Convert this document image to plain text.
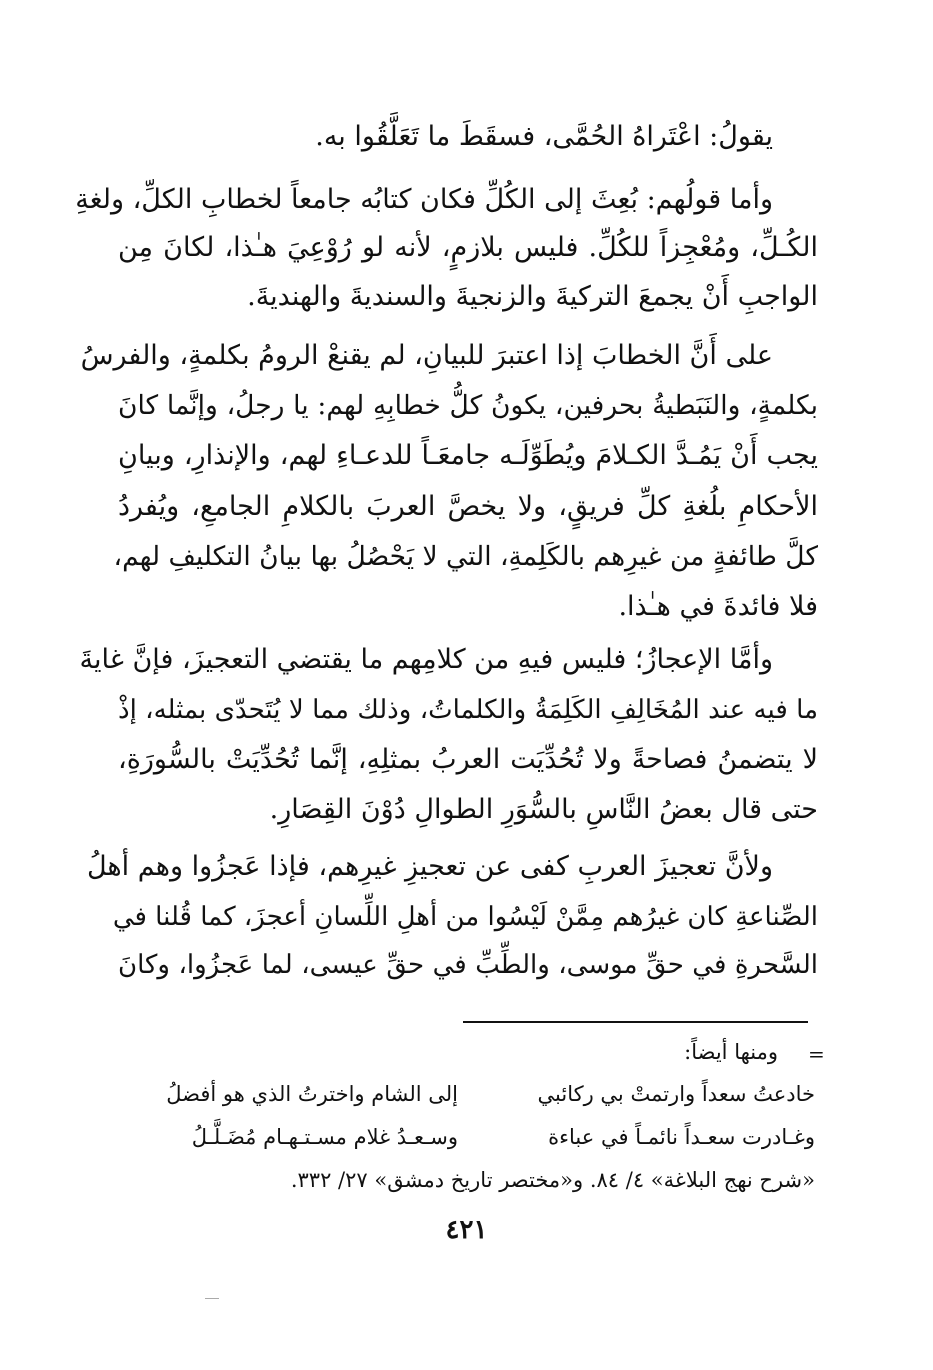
يقولُ: اعْتَراهُ الحُمَّى، فسقَطَ ما تَعَلَّقُوا به.
وأما قولُهم: بُعِثَ إلى الكُلِّ فكان كتابُه جامعاً لخطابِ الكلِّ، ولغةِ
الكُـلِّ، ومُعْجِزاً للكُلِّ. فليس بلازمٍ، لأنه لو رُوْعِيَ هـٰذا، لكانَ مِن
الواجبِ أَنْ يجمعَ التركيةَ والزنجيةَ والسنديةَ والهنديةَ.
على أَنَّ الخطابَ إذا اعتبرَ للبيانِ، لم يقنعْ الرومُ بكلمةٍ، والفرسُ
بكلمةٍ، والنَبَطيةُ بحرفين، يكونُ كلُّ خطابِهِ لهم: يا رجلُ، وإنَّما كانَ
يجب أَنْ يَمُـدَّ الكـلامَ ويُطَوِّلَـه جامعَـاً للدعـاءِ لهم، والإنذارِ، وبيانِ
الأحكامِ بلُغةِ كلِّ فريقٍ، ولا يخصَّ العربَ بالكلامِ الجامعِ، ويُفردُ
كلَّ طائفةٍ من غيرِهم بالكَلِمةِ، التي لا يَحْصُلُ بها بيانُ التكليفِ لهم،
فلا فائدةَ في هـٰذا.
وأمَّا الإعجازُ؛ فليس فيهِ من كلامِهم ما يقتضي التعجيزَ، فإنَّ غايةَ
ما فيه عند المُخَالِفِ الكَلِمَةُ والكلماتُ، وذلك مما لا يُتَحدّى بمثله، إذْ
لا يتضمنُ فصاحةً ولا تُحُدِّيَت العربُ بمثلِهِ، إنَّما تُحُدِّيَتْ بالسُّورَةِ،
حتى قال بعضُ النَّاسِ بالسُّوَرِ الطوالِ دُوْنَ القِصَارِ.
ولأنَّ تعجيزَ العربِ كفى عن تعجيزِ غيرِهم، فإذا عَجزُوا وهم أهلُ
الصِّناعةِ كان غيرُهم مِمَّنْ لَيْسُوا من أهلِ اللِّسانِ أعجزَ، كما قُلنا في
السَّحرةِ في حقِّ موسى، والطِّبِّ في حقِّ عيسى، لما عَجزُوا، وكانَ
=
ومنها أيضاً:
خادعتُ سعداً وارتمتْ بي ركائبي
إلى الشام واخترتُ الذي هو أفضلُ
وغـادرت سعـداً نائمـاً في عباءة
وسـعـدُ غلام مسـتـهـام مُضَـلَّـلُ
«شرح نهج البلاغة» ٤/ ٨٤. و«مختصر تاريخ دمشق» ٢٧/ ٣٣٢.
٤٢١
